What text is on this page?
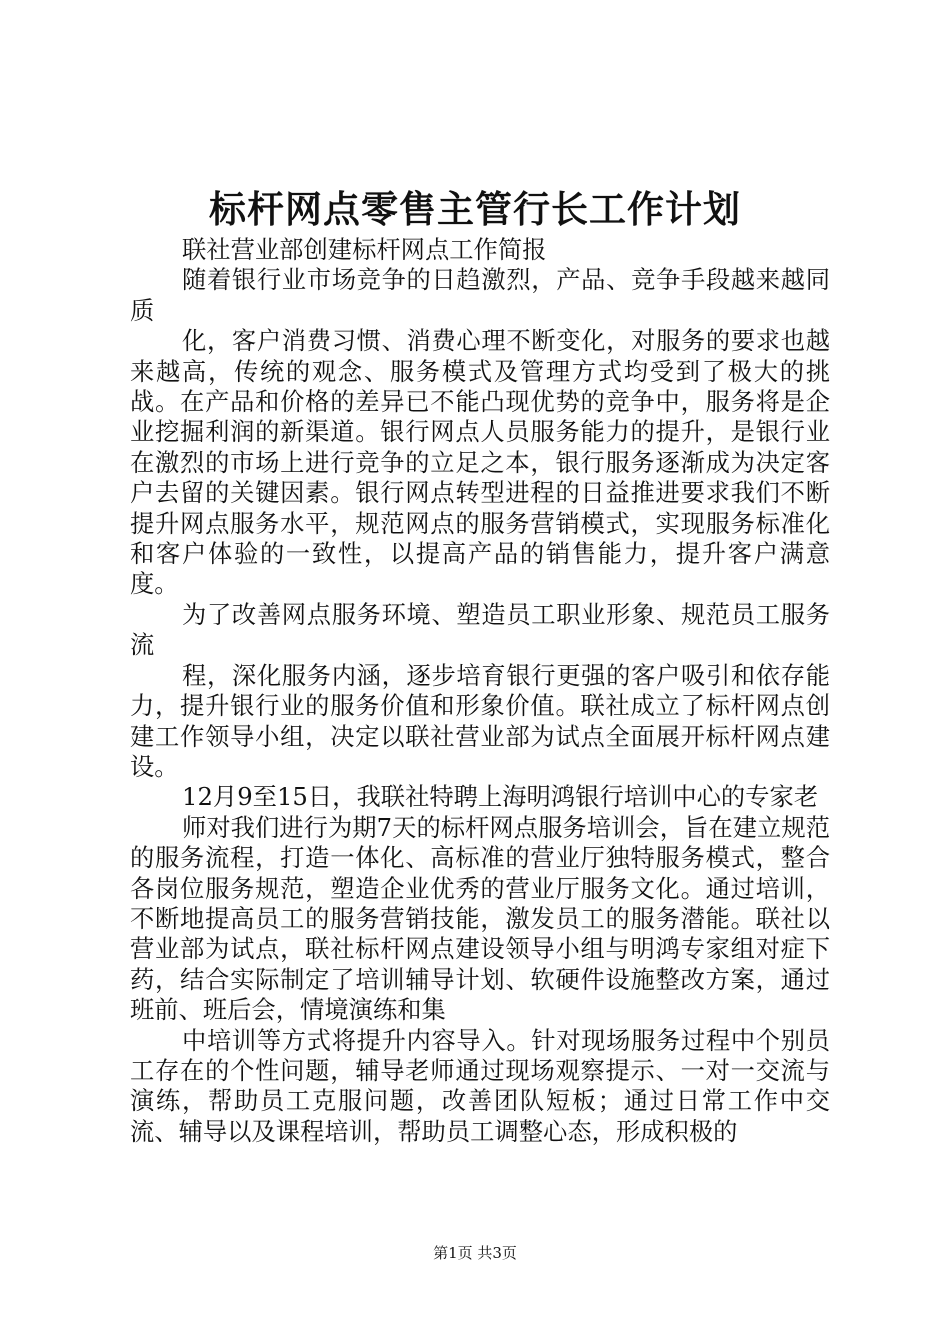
标杆网点零售主管行长工作计划

联社营业部创建标杆网点工作简报

随着银行业市场竞争的日趋激烈，产品、竞争手段越来越同质

化，客户消费习惯、消费心理不断变化，对服务的要求也越来越高，传统的观念、服务模式及管理方式均受到了极大的挑战。在产品和价格的差异已不能凸现优势的竞争中，服务将是企业挖掘利润的新渠道。银行网点人员服务能力的提升，是银行业在激烈的市场上进行竞争的立足之本，银行服务逐渐成为决定客户去留的关键因素。银行网点转型进程的日益推进要求我们不断提升网点服务水平，规范网点的服务营销模式，实现服务标准化和客户体验的一致性，以提高产品的销售能力，提升客户满意度。

为了改善网点服务环境、塑造员工职业形象、规范员工服务流

程，深化服务内涵，逐步培育银行更强的客户吸引和依存能力，提升银行业的服务价值和形象价值。联社成立了标杆网点创建工作领导小组，决定以联社营业部为试点全面展开标杆网点建设。

12月9至15日，我联社特聘上海明鸿银行培训中心的专家老

师对我们进行为期7天的标杆网点服务培训会，旨在建立规范的服务流程，打造一体化、高标准的营业厅独特服务模式，整合各岗位服务规范，塑造企业优秀的营业厅服务文化。通过培训，不断地提高员工的服务营销技能，激发员工的服务潜能。联社以营业部为试点，联社标杆网点建设领导小组与明鸿专家组对症下药，结合实际制定了培训辅导计划、软硬件设施整改方案，通过班前、班后会，情境演练和集

中培训等方式将提升内容导入。针对现场服务过程中个别员工存在的个性问题，辅导老师通过现场观察提示、一对一交流与演练，帮助员工克服问题，改善团队短板；通过日常工作中交流、辅导以及课程培训，帮助员工调整心态，形成积极的

第1页 共3页
